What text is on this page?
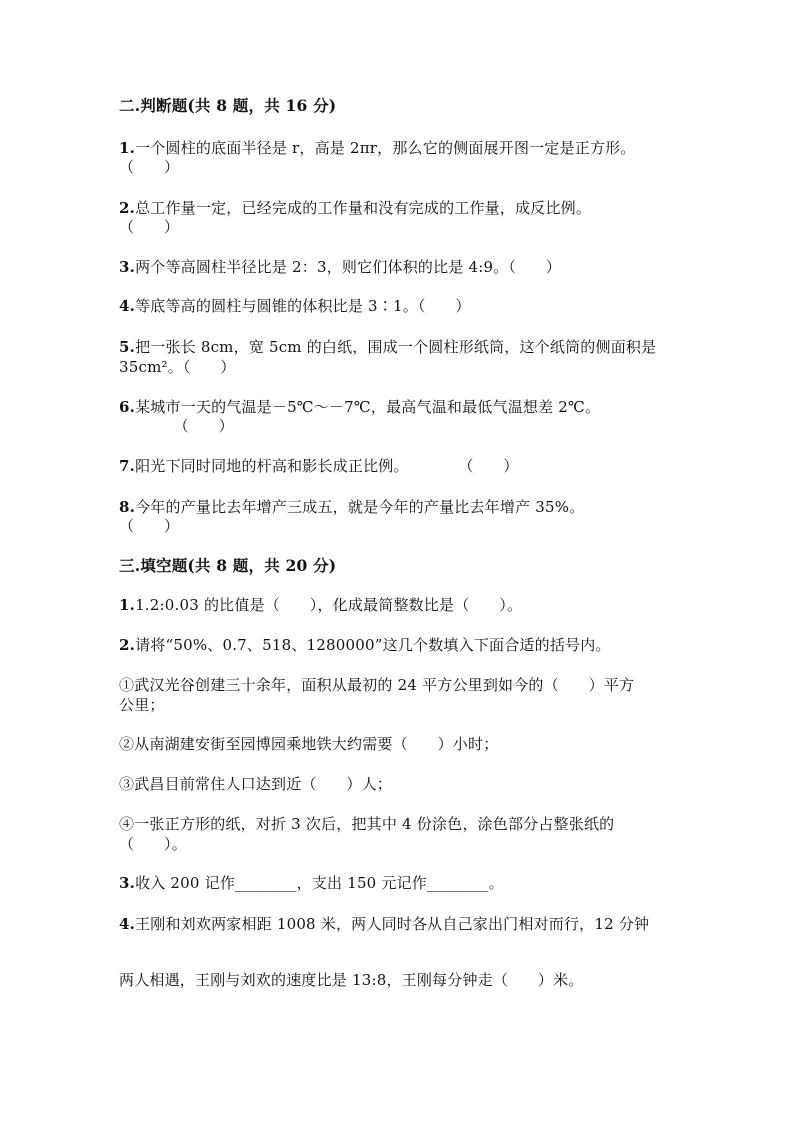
二.判断题(共 8 题，共 16 分)
1.一个圆柱的底面半径是 r，高是 2πr，那么它的侧面展开图一定是正方形。
（      ）
2.总工作量一定，已经完成的工作量和没有完成的工作量，成反比例。
（      ）
3.两个等高圆柱半径比是 2：3，则它们体积的比是 4:9。（      ）
4.等底等高的圆柱与圆锥的体积比是 3∶1。（      ）
5.把一张长 8cm，宽 5cm 的白纸，围成一个圆柱形纸筒，这个纸筒的侧面积是
35cm²。（      ）
6.某城市一天的气温是－5℃～－7℃，最高气温和最低气温想差 2℃。
（      ）
7.阳光下同时同地的杆高和影长成正比例。          （      ）
8.今年的产量比去年增产三成五，就是今年的产量比去年增产 35%。
（      ）
三.填空题(共 8 题，共 20 分)
1.1.2:0.03 的比值是（      ），化成最简整数比是（      ）。
2.请将“50%、0.7、518、1280000”这几个数填入下面合适的括号内。
①武汉光谷创建三十余年，面积从最初的 24 平方公里到如今的（      ）平方
公里；
②从南湖建安街至园博园乘地铁大约需要（      ）小时；
③武昌目前常住人口达到近（      ）人；
④一张正方形的纸，对折 3 次后，把其中 4 份涂色，涂色部分占整张纸的
（      ）。
3.收入 200 记作________，支出 150 元记作________。
4.王刚和刘欢两家相距 1008 米，两人同时各从自己家出门相对而行，12 分钟
两人相遇，王刚与刘欢的速度比是 13:8，王刚每分钟走（      ）米。
